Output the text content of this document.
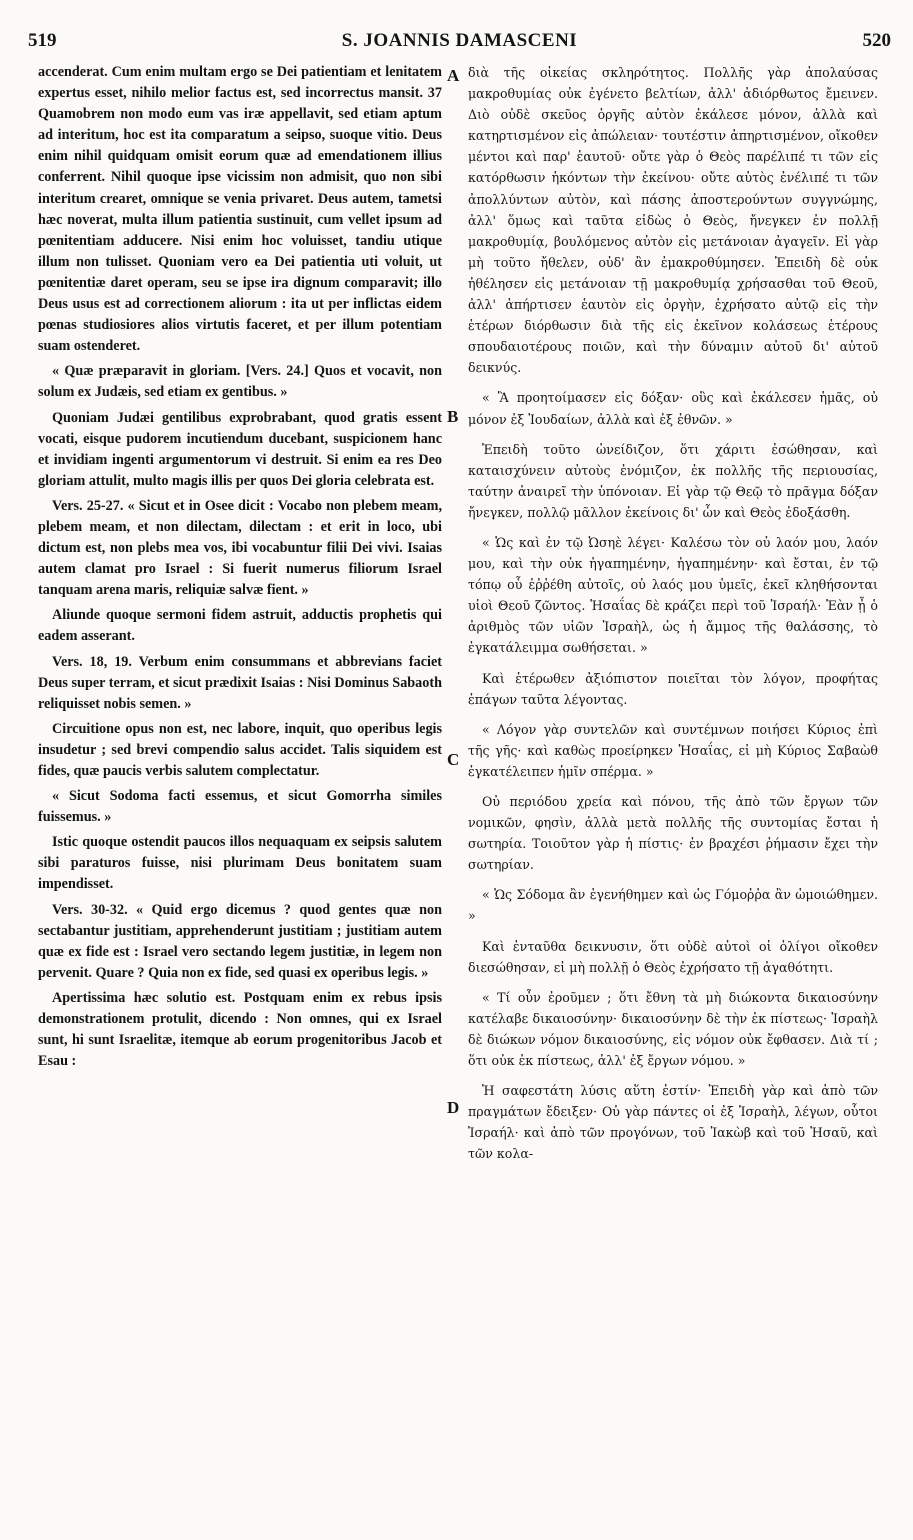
519	S. JOANNIS DAMASCENI	520

accenderat. Cum enim multam ergo se Dei patientiam et lenitatem expertus esset, nihilo melior factus est, sed incorrectus mansit. 37 Quamobrem non modo eum vas iræ appellavit, sed etiam aptum ad interitum, hoc est ita comparatum a seipso, suoque vitio. Deus enim nihil quidquam omisit eorum quæ ad emendationem illius conferrent. Nihil quoque ipse vicissim non admisit, quo non sibi interitum crearet, omnique se venia privaret. Deus autem, tametsi hæc noverat, multa illum patientia sustinuit, cum vellet ipsum ad pœnitentiam adducere. Nisi enim hoc voluisset, tandiu utique illum non tulisset. Quoniam vero ea Dei patientia uti voluit, ut pœnitentiæ daret operam, seu se ipse ira dignum comparavit; illo Deus usus est ad correctionem aliorum : ita ut per inflictas eidem pœnas studiosiores alios virtutis faceret, et per illum potentiam suam ostenderet.

« Quæ præparavit in gloriam. [Vers. 24.] Quos et vocavit, non solum ex Judæis, sed etiam ex gentibus. »

Quoniam Judæi gentilibus exprobrabant, quod gratis essent vocati, eisque pudorem incutiendum ducebant, suspicionem hanc et invidiam ingenti argumentorum vi destruit. Si enim ea res Deo gloriam attulit, multo magis illis per quos Dei gloria celebrata est.

Vers. 25-27. « Sicut et in Osee dicit : Vocabo non plebem meam, plebem meam, et non dilectam, dilectam : et erit in loco, ubi dictum est, non plebs mea vos, ibi vocabuntur filii Dei vivi. Isaias autem clamat pro Israel : Si fuerit numerus filiorum Israel tanquam arena maris, reliquiæ salvæ fient. »

Aliunde quoque sermoni fidem astruit, adductis prophetis qui eadem asserant.

Vers. 18, 19. Verbum enim consummans et abbrevians faciet Deus super terram, et sicut prædixit Isaias : Nisi Dominus Sabaoth reliquisset nobis semen. »

Circuitione opus non est, nec labore, inquit, quo operibus legis insudetur ; sed brevi compendio salus accidet. Talis siquidem est fides, quæ paucis verbis salutem complectatur.

« Sicut Sodoma facti essemus, et sicut Gomorrha similes fuissemus. »

Istic quoque ostendit paucos illos nequaquam ex seipsis salutem sibi paraturos fuisse, nisi plurimam Deus bonitatem suam impendisset.

Vers. 30-32. « Quid ergo dicemus ? quod gentes quæ non sectabantur justitiam, apprehenderunt justitiam ; justitiam autem quæ ex fide est : Israel vero sectando legem justitiæ, in legem non pervenit. Quare ? Quia non ex fide, sed quasi ex operibus legis. »

Apertissima hæc solutio est. Postquam enim ex rebus ipsis demonstrationem protulit, dicendo : Non omnes, qui ex Israel sunt, hi sunt Israelitæ, itemque ab eorum progenitoribus Jacob et Esau :

A
B
C
D

διὰ τῆς οἰκείας σκληρότητος. Πολλῆς γὰρ ἀπολαύσας μακροθυμίας οὐκ ἐγένετο βελτίων, ἀλλ' ἀδιόρθωτος ἔμεινεν. Διὸ οὐδὲ σκεῦος ὀργῆς αὐτὸν ἐκάλεσε μόνον, ἀλλὰ καὶ κατηρτισμένον εἰς ἀπώλειαν· τουτέστιν ἀπηρτισμένον, οἴκοθεν μέντοι καὶ παρ' ἑαυτοῦ· οὔτε γὰρ ὁ Θεὸς παρέλιπέ τι τῶν εἰς κατόρθωσιν ἡκόντων τὴν ἐκείνου· οὔτε αὐτὸς ἐνέλιπέ τι τῶν ἀπολλύντων αὐτὸν, καὶ πάσης ἀποστερούντων συγγνώμης, ἀλλ' ὅμως καὶ ταῦτα εἰδὼς ὁ Θεὸς, ἤνεγκεν ἐν πολλῇ μακροθυμίᾳ, βουλόμενος αὐτὸν εἰς μετάνοιαν ἀγαγεῖν. Εἰ γὰρ μὴ τοῦτο ἤθελεν, οὐδ' ἂν ἐμακροθύμησεν. Ἐπειδὴ δὲ οὐκ ἠθέλησεν εἰς μετάνοιαν τῇ μακροθυμίᾳ χρήσασθαι τοῦ Θεοῦ, ἀλλ' ἀπήρτισεν ἑαυτὸν εἰς ὀργὴν, ἐχρήσατο αὐτῷ εἰς τὴν ἑτέρων διόρθωσιν διὰ τῆς εἰς ἐκεῖνον κολάσεως ἑτέρους σπουδαιοτέρους ποιῶν, καὶ τὴν δύναμιν αὐτοῦ δι' αὐτοῦ δεικνύς.

« Ἃ προητοίμασεν εἰς δόξαν· οὓς καὶ ἐκάλεσεν ἡμᾶς, οὐ μόνον ἐξ Ἰουδαίων, ἀλλὰ καὶ ἐξ ἐθνῶν. »

Ἐπειδὴ τοῦτο ὠνείδιζον, ὅτι χάριτι ἐσώθησαν, καὶ καταισχύνειν αὐτοὺς ἐνόμιζον, ἐκ πολλῆς τῆς περιουσίας, ταύτην ἀναιρεῖ τὴν ὑπόνοιαν. Εἰ γὰρ τῷ Θεῷ τὸ πρᾶγμα δόξαν ἤνεγκεν, πολλῷ μᾶλλον ἐκείνοις δι' ὧν καὶ Θεὸς ἐδοξάσθη.

« Ὡς καὶ ἐν τῷ Ὠσηὲ λέγει· Καλέσω τὸν οὐ λαόν μου, λαόν μου, καὶ τὴν οὐκ ἠγαπημένην, ἠγαπημένην· καὶ ἔσται, ἐν τῷ τόπῳ οὗ ἐῤῥέθη αὐτοῖς, οὐ λαός μου ὑμεῖς, ἐκεῖ κληθήσονται υἱοὶ Θεοῦ ζῶντος. Ἡσαΐας δὲ κράζει περὶ τοῦ Ἰσραήλ· Ἐὰν ᾖ ὁ ἀριθμὸς τῶν υἱῶν Ἰσραὴλ, ὡς ἡ ἄμμος τῆς θαλάσσης, τὸ ἐγκατάλειμμα σωθήσεται. »

Καὶ ἑτέρωθεν ἀξιόπιστον ποιεῖται τὸν λόγον, προφήτας ἐπάγων ταῦτα λέγοντας.

« Λόγον γὰρ συντελῶν καὶ συντέμνων ποιήσει Κύριος ἐπὶ τῆς γῆς· καὶ καθὼς προείρηκεν Ἡσαΐας, εἰ μὴ Κύριος Σαβαὼθ ἐγκατέλειπεν ἡμῖν σπέρμα. »

Οὐ περιόδου χρεία καὶ πόνου, τῆς ἀπὸ τῶν ἔργων τῶν νομικῶν, φησὶν, ἀλλὰ μετὰ πολλῆς τῆς συντομίας ἔσται ἡ σωτηρία. Τοιοῦτον γὰρ ἡ πίστις· ἐν βραχέσι ῥήμασιν ἔχει τὴν σωτηρίαν.

« Ὡς Σόδομα ἂν ἐγενήθημεν καὶ ὡς Γόμοῤῥα ἂν ὡμοιώθημεν. »

Καὶ ἐνταῦθα δεικνυσιν, ὅτι οὐδὲ αὐτοὶ οἱ ὀλίγοι οἴκοθεν διεσώθησαν, εἰ μὴ πολλῇ ὁ Θεὸς ἐχρήσατο τῇ ἀγαθότητι.

« Τί οὖν ἐροῦμεν ; ὅτι ἔθνη τὰ μὴ διώκοντα δικαιοσύνην κατέλαβε δικαιοσύνην· δικαιοσύνην δὲ τὴν ἐκ πίστεως· Ἰσραὴλ δὲ διώκων νόμον δικαιοσύνης, εἰς νόμον οὐκ ἔφθασεν. Διὰ τί ; ὅτι οὐκ ἐκ πίστεως, ἀλλ' ἐξ ἔργων νόμου. »

Ἡ σαφεστάτη λύσις αὕτη ἐστίν· Ἐπειδὴ γὰρ καὶ ἀπὸ τῶν πραγμάτων ἔδειξεν· Οὐ γὰρ πάντες οἱ ἐξ Ἰσραὴλ, λέγων, οὗτοι Ἰσραήλ· καὶ ἀπὸ τῶν προγόνων, τοῦ Ἰακὼβ καὶ τοῦ Ἡσαῦ, καὶ τῶν κολα-
